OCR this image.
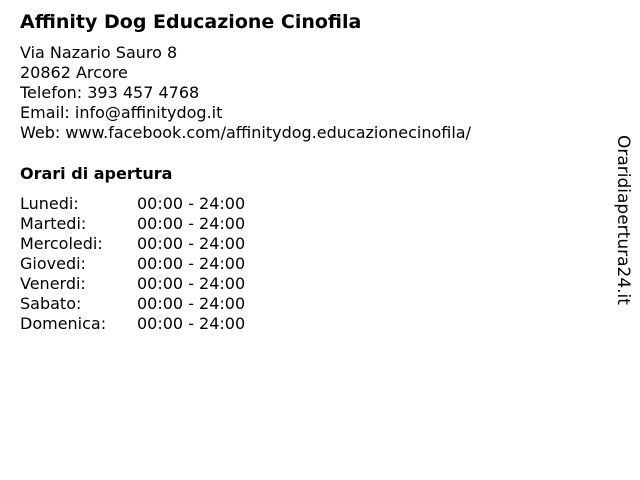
Affinity Dog Educazione Cinofila
Via Nazario Sauro 8
20862 Arcore
Telefon: 393 457 4768
Email: info@affinitydog.it
Web: www.facebook.com/affinitydog.educazionecinofila/
Orari di apertura
Lunedi:	00:00 - 24:00
Martedi:	00:00 - 24:00
Mercoledi: 00:00 - 24:00
Giovedi:	00:00 - 24:00
Venerdi:	00:00 - 24:00
Sabato:	00:00 - 24:00
Domenica: 00:00 - 24:00
Oraridiapertura24.it
